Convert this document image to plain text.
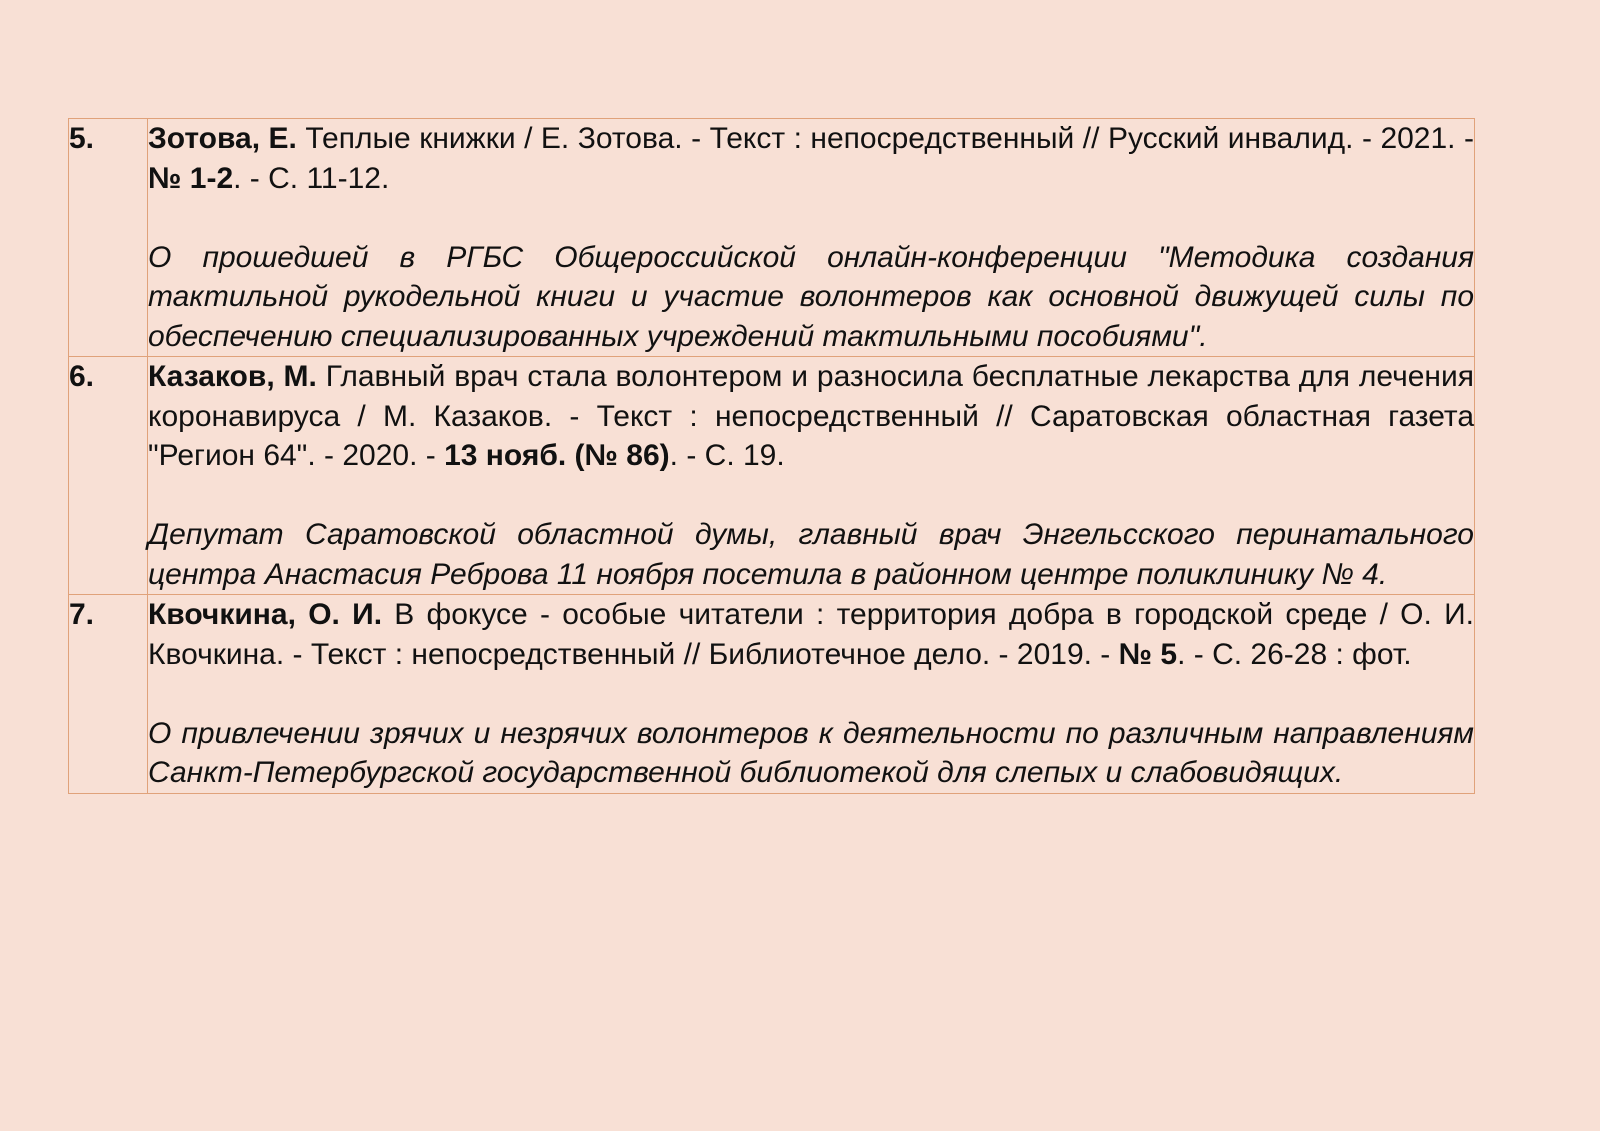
5.	Зотова, Е. Теплые книжки / Е. Зотова. - Текст : непосредственный // Русский инвалид. - 2021. - № 1-2. - С. 11-12.

О прошедшей в РГБС Общероссийской онлайн-конференции "Методика создания тактильной рукодельной книги и участие волонтеров как основной движущей силы по обеспечению специализированных учреждений тактильными пособиями".

6.	Казаков, М. Главный врач стала волонтером и разносила бесплатные лекарства для лечения коронавируса / М. Казаков. - Текст : непосредственный // Саратовская областная газета "Регион 64". - 2020. - 13 нояб. (№ 86). - С. 19.

Депутат Саратовской областной думы, главный врач Энгельсского перинатального центра Анастасия Реброва 11 ноября посетила в районном центре поликлинику № 4.

7.	Квочкина, О. И. В фокусе - особые читатели : территория добра в городской среде / О. И. Квочкина. - Текст : непосредственный // Библиотечное дело. - 2019. - № 5. - С. 26-28 : фот.

О привлечении зрячих и незрячих волонтеров к деятельности по различным направлениям Санкт-Петербургской государственной библиотекой для слепых и слабовидящих.
